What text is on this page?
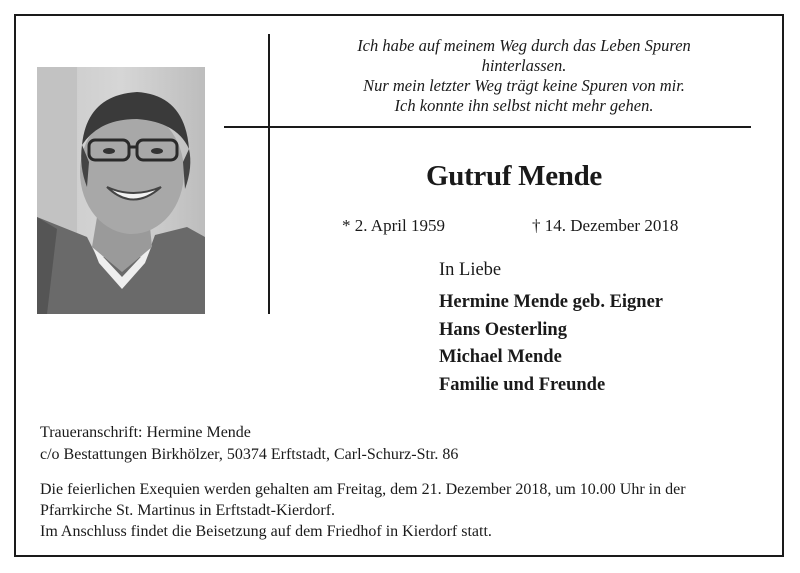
Ich habe auf meinem Weg durch das Leben Spuren
hinterlassen.
Nur mein letzter Weg trägt keine Spuren von mir.
Ich konnte ihn selbst nicht mehr gehen.
Gutruf Mende
* 2. April 1959	† 14. Dezember 2018
In Liebe
Hermine Mende geb. Eigner
Hans Oesterling
Michael Mende
Familie und Freunde
Traueranschrift: Hermine Mende
c/o Bestattungen Birkhölzer, 50374 Erftstadt, Carl-Schurz-Str. 86
Die feierlichen Exequien werden gehalten am Freitag, dem 21. Dezember 2018, um 10.00 Uhr in der
Pfarrkirche St. Martinus in Erftstadt-Kierdorf.
Im Anschluss findet die Beisetzung auf dem Friedhof in Kierdorf statt.
